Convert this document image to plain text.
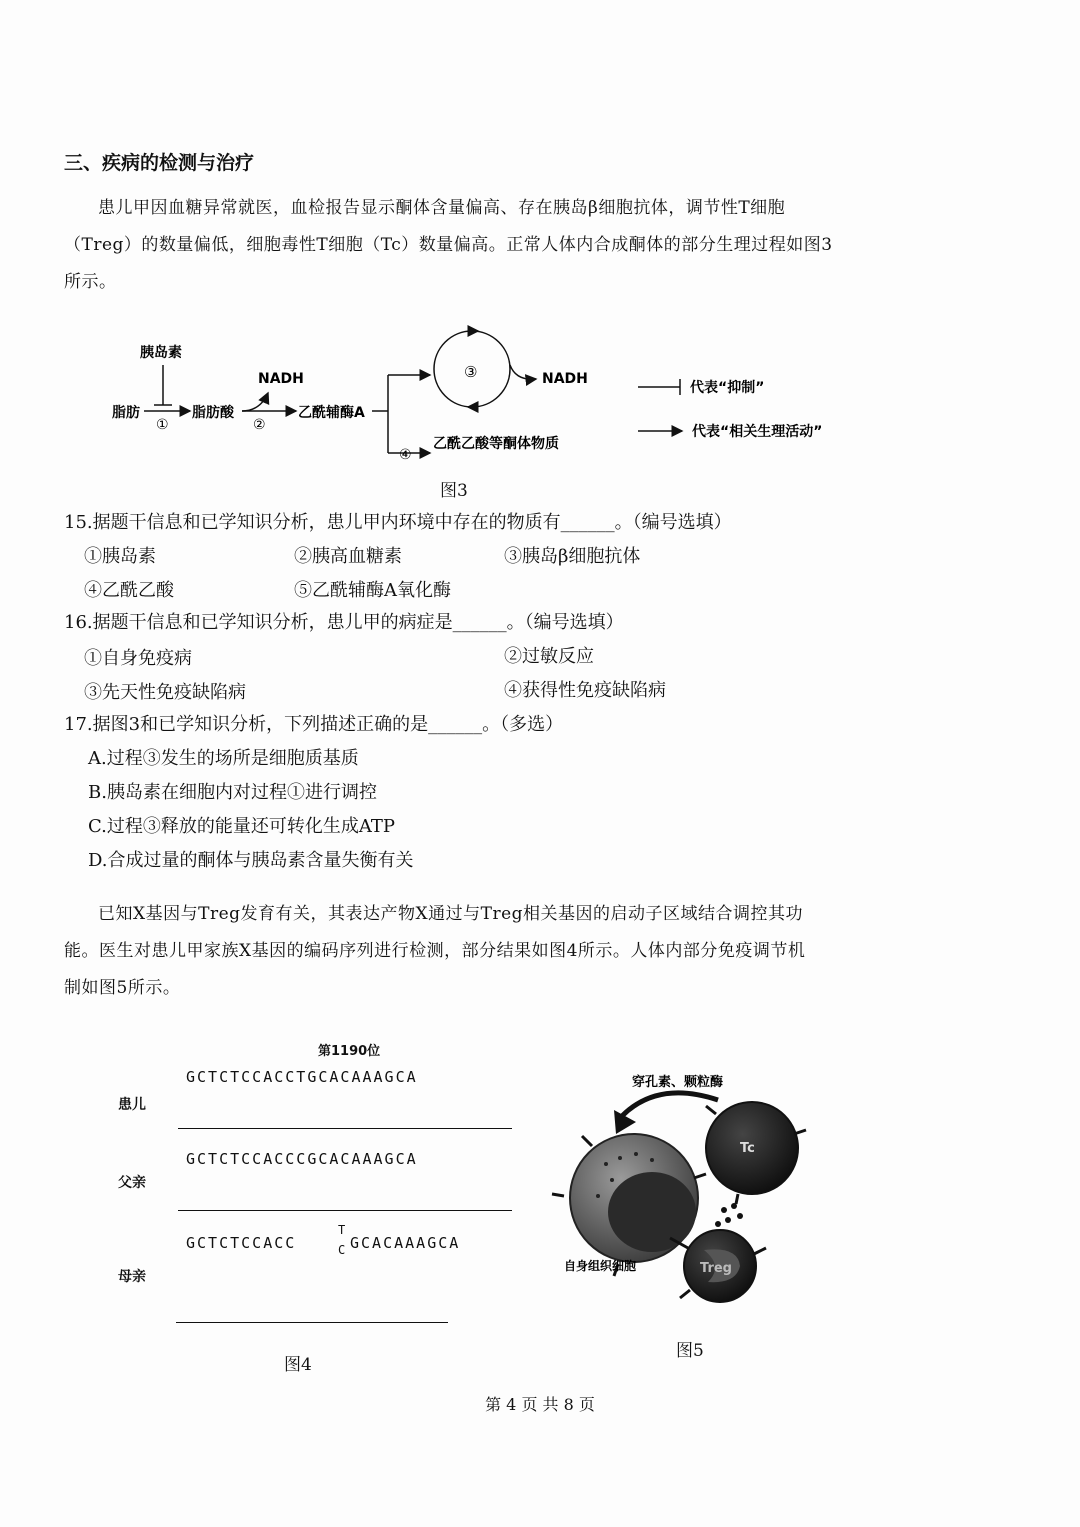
三、疾病的检测与治疗
患儿甲因血糖异常就医，血检报告显示酮体含量偏高、存在胰岛β细胞抗体，调节性T细胞（Treg）的数量偏低，细胞毒性T细胞（Tc）数量偏高。正常人体内合成酮体的部分生理过程如图3所示。
胰岛素
脂肪
①
脂肪酸
NADH
②
乙酰辅酶A
④
③	NADH
乙酰乙酸等酮体物质
代表“抑制”
代表“相关生理活动”
图3
15.据题干信息和已学知识分析，患儿甲内环境中存在的物质有______。（编号选填）
①胰岛素	②胰高血糖素	③胰岛β细胞抗体
④乙酰乙酸	⑤乙酰辅酶A氧化酶
16.据题干信息和已学知识分析，患儿甲的病症是______。（编号选填）
①自身免疫病	②过敏反应
③先天性免疫缺陷病	④获得性免疫缺陷病
17.据图3和已学知识分析，下列描述正确的是______。（多选）
A.过程③发生的场所是细胞质基质
B.胰岛素在细胞内对过程①进行调控
C.过程③释放的能量还可转化生成ATP
D.合成过量的酮体与胰岛素含量失衡有关
已知X基因与Treg发育有关，其表达产物X通过与Treg相关基因的启动子区域结合调控其功能。医生对患儿甲家族X基因的编码序列进行检测，部分结果如图4所示。人体内部分免疫调节机制如图5所示。
第1190位
GCTCTCCACCTGCACAAAGCA
患儿
GCTCTCCACCCGCACAAAGCA
父亲
GCTCTCCACC
T
C GCACAAAGCA
母亲
图4
穿孔素、颗粒酶
Tc
Treg
自身组织细胞
图5
第 4 页 共 8 页
